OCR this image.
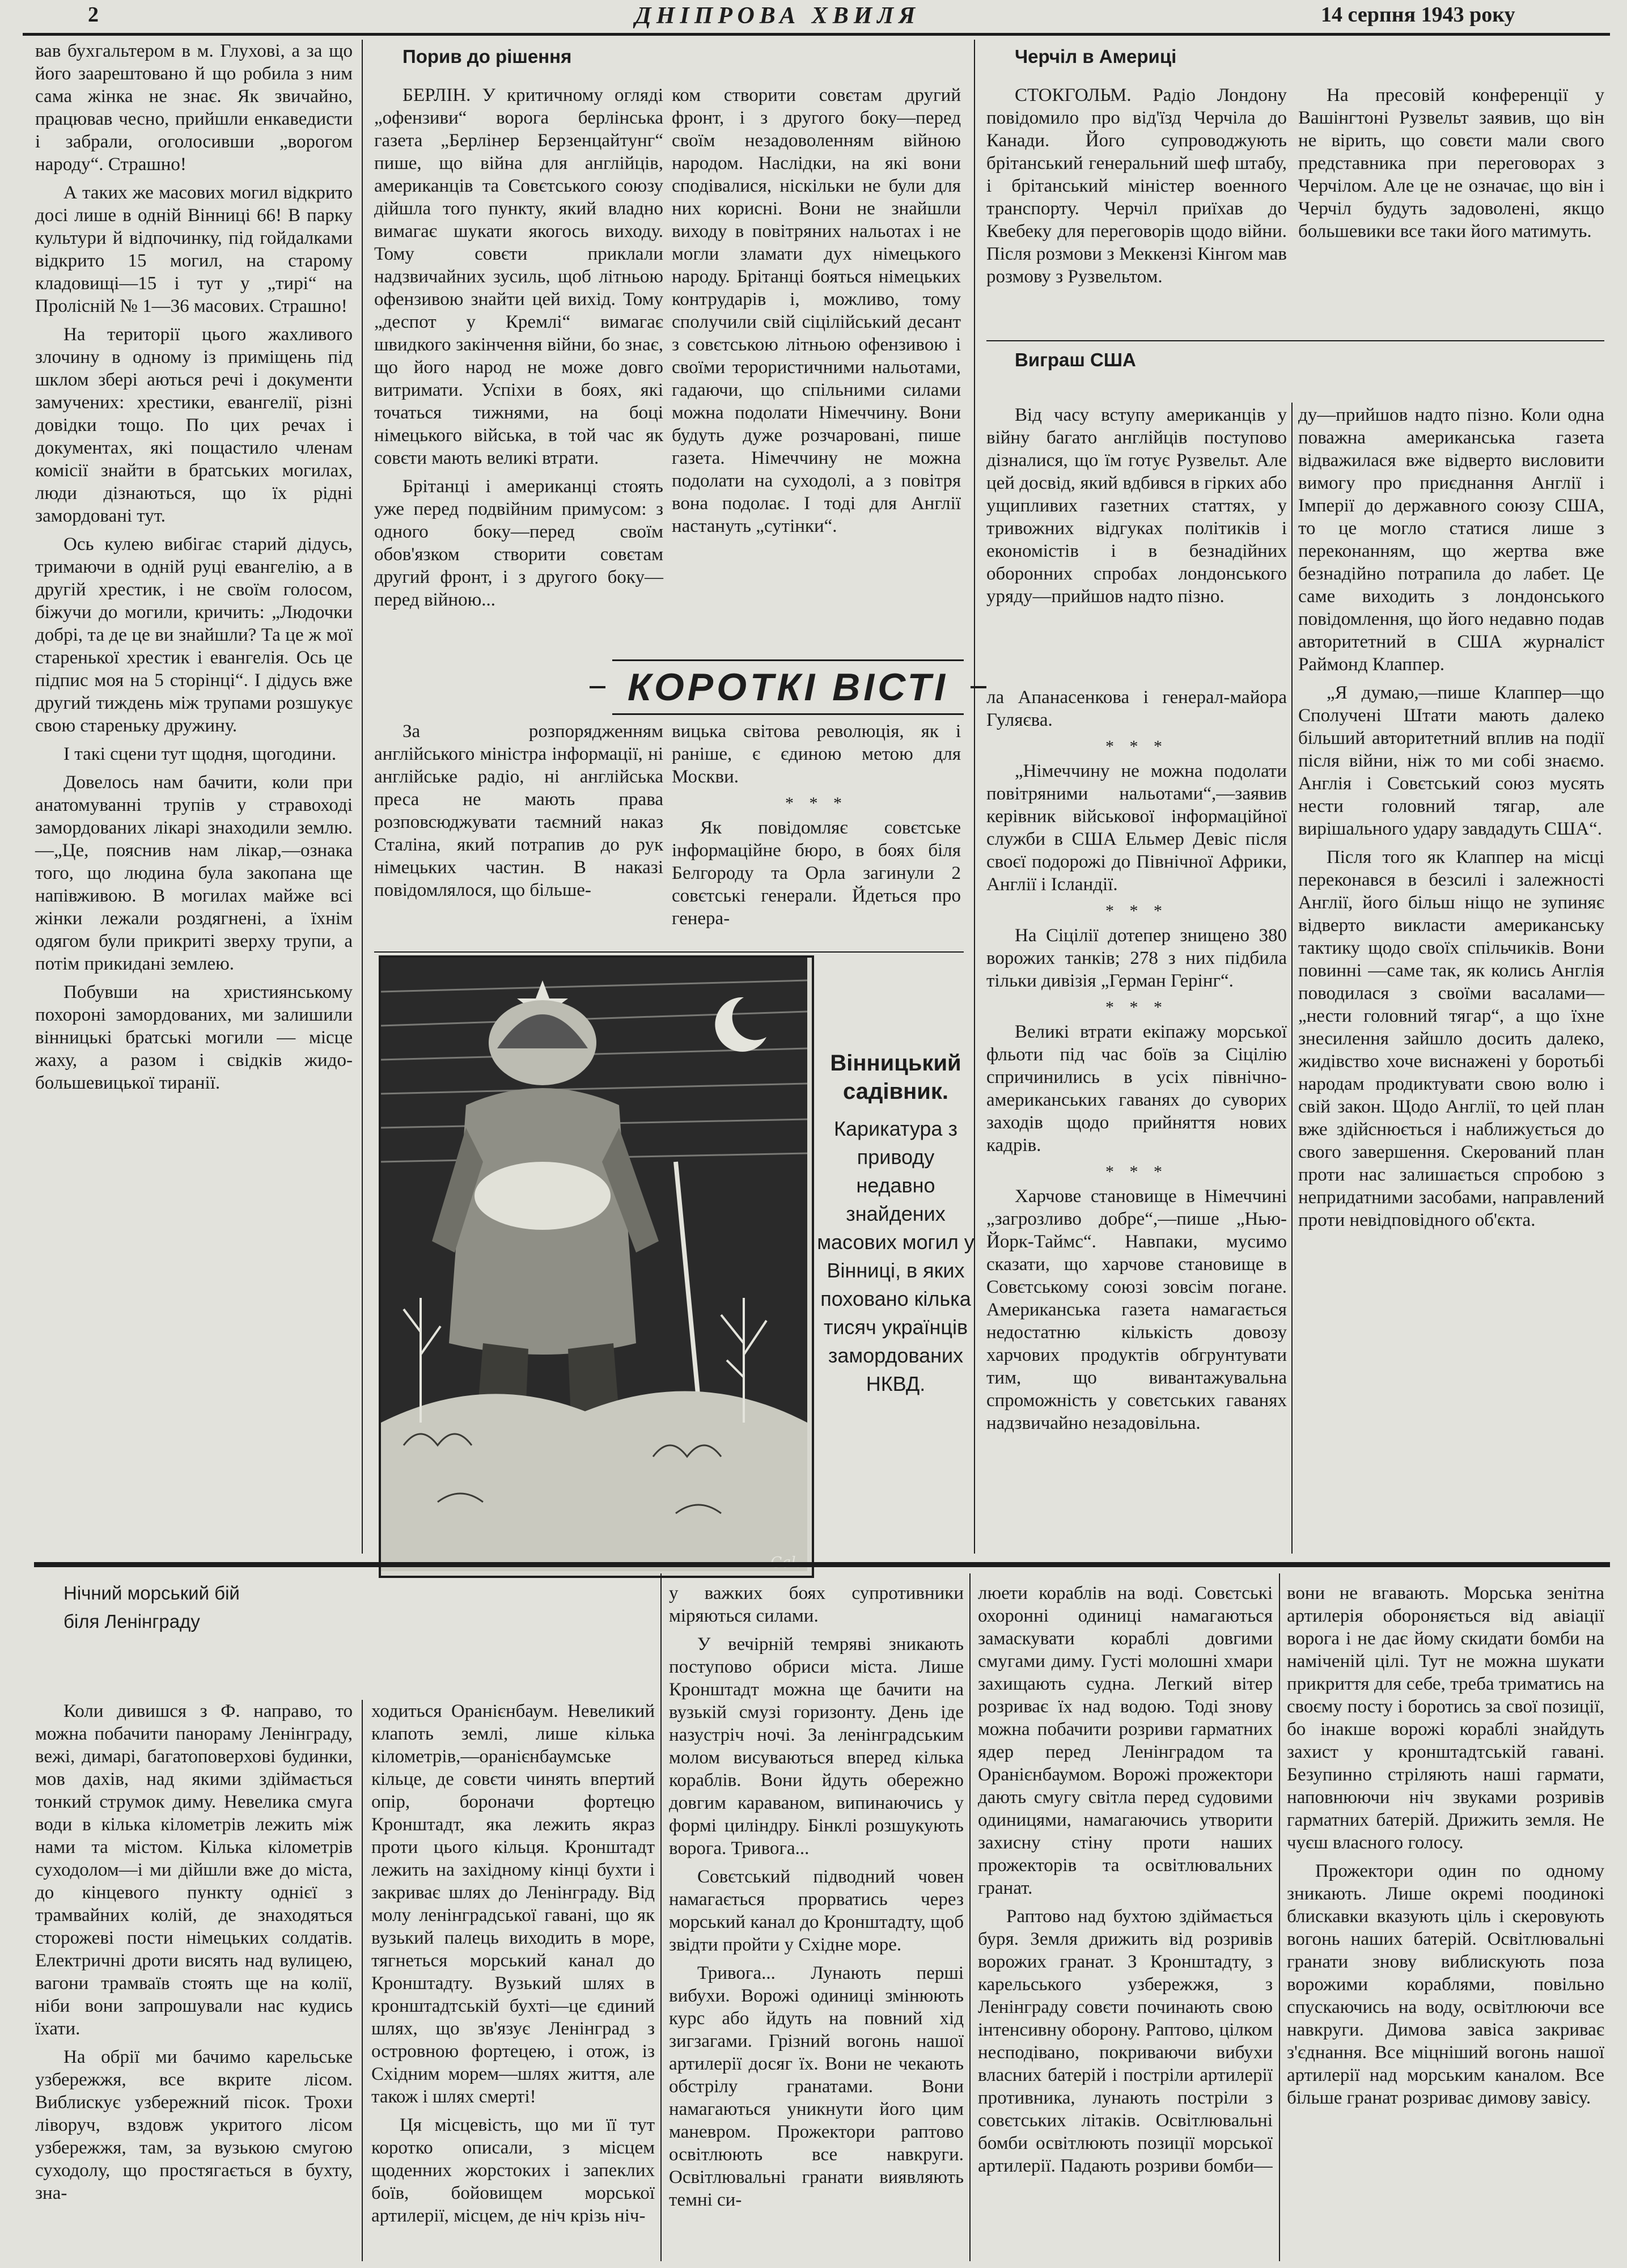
2	ДНІПРОВА ХВИЛЯ	14 серпня 1943 року

вав бухгальтером в м. Глухові, а за що його заарештовано й що робила з ним сама жінка не знає. Як звичайно, працював чесно, прийшли енкаведисти і забрали, оголосивши „ворогом народу“. Страшно!

А таких же масових могил відкрито досі лише в одній Вінниці 66! В парку культури й відпочинку, під гойдалками відкрито 15 могил, на старому кладовищі—15 і тут у „тирі“ на Пролісній № 1—36 масових. Страшно!

На території цього жахливого злочину в одному із приміщень під шклом збері аються речі і документи замучених: хрестики, евангелії, різні довідки тощо. По цих речах і документах, які пощастило членам комісії знайти в братських могилах, люди дізнаються, що їх рідні замордовані тут.

Ось кулею вибігає старий дідусь, тримаючи в одній руці евангелію, а в другій хрестик, і не своїм голосом, біжучи до могили, кричить: „Людочки добрі, та де це ви знайшли? Та це ж мої старенької хрестик і евангелія. Ось це підпис моя на 5 сторінці“. І дідусь вже другий тиждень між трупами розшукує свою стареньку дружину.

І такі сцени тут щодня, щогодини.

Довелось нам бачити, коли при анатомуванні трупів у стравоході замордованих лікарі знаходили землю.—„Це, пояснив нам лікар,—ознака того, що людина була закопана ще напівживою. В могилах майже всі жінки лежали роздягнені, а їхнім одягом були прикриті зверху трупи, а потім прикидані землею.

Побувши на християнському похороні замордованих, ми залишили вінницькі братські могили — місце жаху, а разом і свідків жидо-большевицької тиранії.

Порив до рішення

БЕРЛІН. У критичному огляді „офензиви“ ворога берлінська газета „Берлінер Берзенцайтунг“ пише, що війна для англійців, американців та Совєтського союзу дійшла того пункту, який владно вимагає шукати якогось виходу. Тому совєти приклали надзвичайних зусиль, щоб літньою офензивою знайти цей вихід. Тому „деспот у Кремлі“ вимагає швидкого закінчення війни, бо знає, що його народ не може довго витримати. Успіхи в боях, які точаться тижнями, на боці німецького війська, в той час як совєти мають великі втрати.

Брітанці і американці стоять уже перед подвійним примусом: з одного боку—перед своїм обов'язком створити совєтам другий фронт, і з другого боку—перед війною...

ком створити совєтам другий фронт, і з другого боку—перед своїм незадоволенням війною народом. Наслідки, на які вони сподівалися, ніскільки не були для них корисні. Вони не знайшли виходу в повітряних нальотах і не могли зламати дух німецького народу. Брітанці бояться німецьких контрударів і, можливо, тому сполучили свій сіцілійський десант з совєтською літньою офензивою і своїми терористичними нальотами, гадаючи, що спільними силами можна подолати Німеччину. Вони будуть дуже розчаровані, пише газета. Німеччину не можна подолати на суходолі, а з повітря вона подолає. І тоді для Англії настануть „сутінки“.

Черчіл в Америці

СТОКГОЛЬМ. Радіо Лондону повідомило про від'їзд Черчіла до Канади. Його супроводжують брітанський генеральний шеф штабу, і брітанський міністер военного транспорту. Черчіл приїхав до Квебеку для переговорів щодо війни. Після розмови з Меккензі Кінгом мав розмову з Рузвельтом.

На пресовій конференції у Вашінгтоні Рузвельт заявив, що він не вірить, що совєти мали свого представника при переговорах з Черчілом. Але це не означає, що він і Черчіл будуть задоволені, якщо большевики все таки його матимуть.

Виграш США

Від часу вступу американців у війну багато англійців поступово дізналися, що їм готує Рузвельт. Але цей досвід, який вдбився в гірких або ущипливих газетних статтях, у тривожних відгуках політиків і економістів і в безнадійних оборонних спробах лондонського уряду—прийшов надто пізно.

ду—прийшов надто пізно. Коли одна поважна американська газета відважилася вже відверто висловити вимогу про приєднання Англії і Імперії до державного союзу США, то це могло статися лише з переконанням, що жертва вже безнадійно потрапила до лабет. Це саме виходить з лондонського повідомлення, що його недавно подав авторитетний в США журналіст Раймонд Клаппер.

„Я думаю,—пише Клаппер—що Сполучені Штати мають далеко більший авторитетний вплив на події після війни, ніж то ми собі знаємо. Англія і Совєтський союз мусять нести головний тягар, але вирішального удару завдадуть США“.

Після того як Клаппер на місці переконався в безсилі і залежності Англії, його більш ніщо не зупиняє відверто викласти американську тактику щодо своїх спільчиків. Вони повинні —саме так, як колись Англія поводилася з своїми васалами—„нести головний тягар“, а що їхне знесилення зайшло досить далеко, жидівство хоче виснажені у боротьбі народам продиктувати свою волю і свій закон. Щодо Англії, то цей план вже здійснюється і наближується до свого завершення. Скерований план проти нас залишається спробою з непридатними засобами, направлений проти невідповідного об'єкта.

КОРОТКІ ВІСТІ

За розпорядженням англійського міністра інформації, ні англійське радіо, ні англійська преса не мають права розповсюджувати таємний наказ Сталіна, який потрапив до рук німецьких частин. В наказі повідомлялося, що більше-

вицька світова революція, як і раніше, є єдиною метою для Москви.

* * *

Як повідомляє совєтське інформаційне бюро, в боях біля Белгороду та Орла загинули 2 совєтські генерали. Йдеться про генера-

ла Апанасенкова і генерал-майора Гуляєва.

* * *

„Німеччину не можна подолати повітряними нальотами“,—заявив керівник військової інформаційної служби в США Ельмер Девіс після своєї подорожі до Північної Африки, Англії і Ісландії.

* * *

На Сіцілії дотепер знищено 380 ворожих танків; 278 з них підбила тільки дивізія „Герман Герінг“.

* * *

Великі втрати екіпажу морської фльоти під час боїв за Сіцілію спричинились в усіх північно-американських гаванях до суворих заходів щодо прийняття нових кадрів.

* * *

Харчове становище в Німеччині „загрозливо добре“,—пише „Нью-Йорк-Таймс“. Навпаки, мусимо сказати, що харчове становище в Совєтському союзі зовсім погане. Американська газета намагається недостатню кількість довозу харчових продуктів обгрунтувати тим, що вивантажувальна спроможність у совєтських гаванях надзвичайно незадовільна.

Вінницький садівник.
Карикатура з приводу недавно знайдених масових могил у Вінниці, в яких поховано кілька тисяч українців замордованих НКВД.

Нічний морський бій

біля Ленінграду

Коли дивишся з Ф. направо, то можна побачити панораму Ленінграду, вежі, димарі, багатоповерхові будинки, мов дахів, над якими здіймається тонкий струмок диму. Невелика смуга води в кілька кілометрів лежить між нами та містом. Кілька кілометрів суходолом—і ми дійшли вже до міста, до кінцевого пункту однієї з трамвайних колій, де знаходяться сторожеві пости німецьких солдатів. Електричні дроти висять над вулицею, вагони трамваїв стоять ще на колії, ніби вони запрошували нас кудись їхати.

На обрії ми бачимо карельське узбережжя, все вкрите лісом. Виблискує узбережний пісок. Трохи ліворуч, вздовж укритого лісом узбережжя, там, за вузькою смугою суходолу, що простягається в бухту, зна-

ходиться Оранієнбаум. Невеликий клапоть землі, лише кілька кілометрів,—оранієнбаумське кільце, де совєти чинять впертий опір, бороначи фортецю Кронштадт, яка лежить якраз проти цього кільця. Кронштадт лежить на західному кінці бухти і закриває шлях до Ленінграду. Від молу ленінградської гавані, що як вузький палець виходить в море, тягнеться морський канал до Кронштадту. Вузький шлях в кронштадтській бухті—це єдиний шлях, що зв'язує Ленінград з островною фортецею, і отож, із Східним морем—шлях життя, але також і шлях смерті!

Ця місцевість, що ми її тут коротко описали, з місцем щоденних жорстоких і запеклих боїв, бойовищем морської артилерії, місцем, де ніч крізь ніч-

у важких боях супротивники міряються силами.

У вечірній темряві зникають поступово обриси міста. Лише Кронштадт можна ще бачити на вузькій смузі горизонту. День іде назустріч ночі. За ленінградським молом висуваються вперед кілька кораблів. Вони йдуть обережно довгим караваном, випинаючись у формі циліндру. Бінклі розшукують ворога. Тривога...

Совєтський підводний човен намагається прорватись через морський канал до Кронштадту, щоб звідти пройти у Східне море.

Тривога... Лунають перші вибухи. Ворожі одиниці змінюють курс або йдуть на повний хід зигзагами. Грізний вогонь нашої артилерії досяг їх. Вони не чекають обстрілу гранатами. Вони намагаються уникнути його цим маневром. Прожектори раптово освітлюють все навкруги. Освітлювальні гранати виявляють темні си-

люети кораблів на воді. Совєтські охоронні одиниці намагаються замаскувати кораблі довгими смугами диму. Густі молошні хмари захищають судна. Легкий вітер розриває їх над водою. Тоді знову можна побачити розриви гарматних ядер перед Ленінградом та Оранієнбаумом. Ворожі прожектори дають смугу світла перед судовими одиницями, намагаючись утворити захисну стіну проти наших прожекторів та освітлювальних гранат.

Раптово над бухтою здіймається буря. Земля дрижить від розривів ворожих гранат. З Кронштадту, з карельського узбережжя, з Ленінграду совєти починають свою інтенсивну оборону. Раптово, цілком несподівано, покриваючи вибухи власних батерій і постріли артилерії противника, лунають постріли з совєтських літаків. Освітлювальні бомби освітлюють позиції морської артилерії. Падають розриви бомби—

вони не вгавають. Морська зенітна артилерія обороняється від авіації ворога і не дає йому скидати бомби на наміченій цілі. Тут не можна шукати прикриття для себе, треба триматись на своєму посту і боротись за свої позиції, бо інакше ворожі кораблі знайдуть захист у кронштадтській гавані. Безупинно стріляють наші гармати, наповнюючи ніч звуками розривів гарматних батерій. Дрижить земля. Не чуєш власного голосу.

Прожектори один по одному зникають. Лише окремі поодинокі блискавки вказують ціль і скеровують вогонь наших батерій. Освітлювальні гранати знову виблискують поза ворожими кораблями, повільно спускаючись на воду, освітлюючи все навкруги. Димова завіса закриває з'єднання. Все міцніший вогонь нашої артилерії над морським каналом. Все більше гранат розриває димову завісу.
